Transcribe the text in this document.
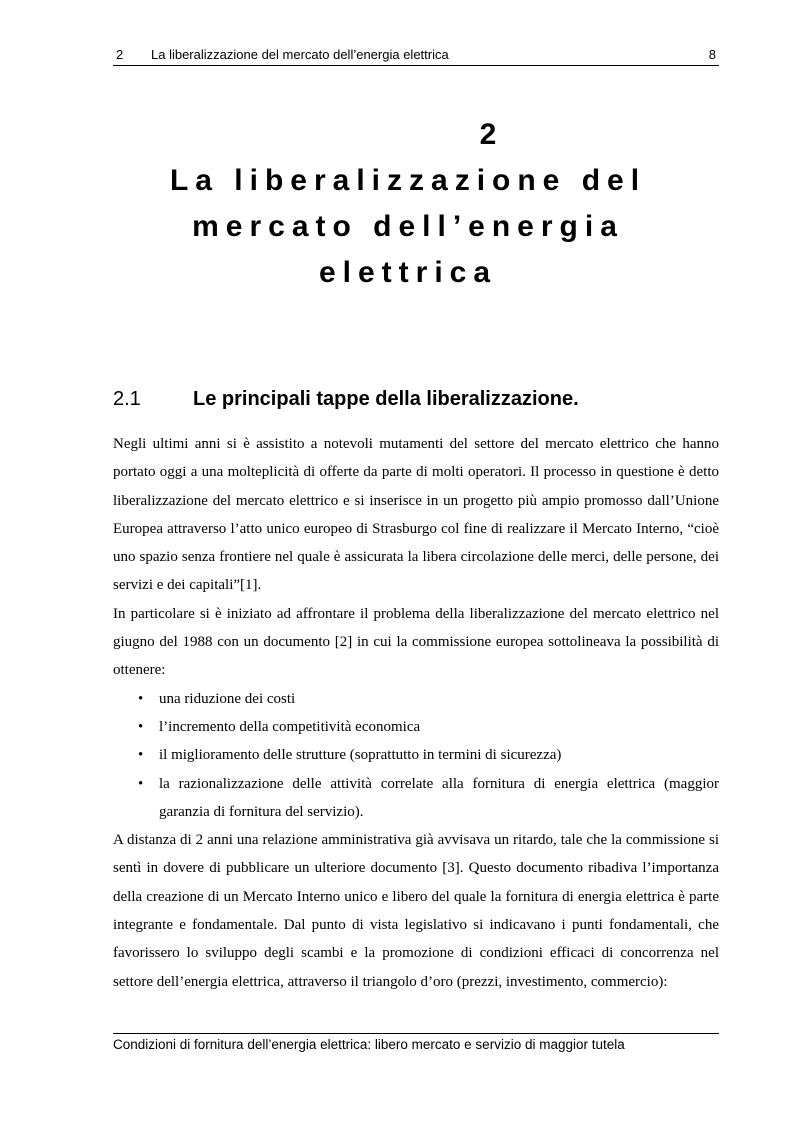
2 La liberalizzazione del mercato dell’energia elettrica	8
2
La liberalizzazione del mercato dell’energia elettrica
2.1	Le principali tappe della liberalizzazione.

Negli ultimi anni si è assistito a notevoli mutamenti del settore del mercato elettrico che hanno portato oggi a una molteplicità di offerte da parte di molti operatori. Il processo in questione è detto liberalizzazione del mercato elettrico e si inserisce in un progetto più ampio promosso dall’Unione Europea attraverso l’atto unico europeo di Strasburgo col fine di realizzare il Mercato Interno, “cioè uno spazio senza frontiere nel quale è assicurata la libera circolazione delle merci, delle persone, dei servizi e dei capitali”[1].

In particolare si è iniziato ad affrontare il problema della liberalizzazione del mercato elettrico nel giugno del 1988 con un documento [2] in cui la commissione europea sottolineava la possibilità di ottenere:

• una riduzione dei costi
• l’incremento della competitività economica
• il miglioramento delle strutture (soprattutto in termini di sicurezza)
• la razionalizzazione delle attività correlate alla fornitura di energia elettrica (maggior garanzia di fornitura del servizio).

A distanza di 2 anni una relazione amministrativa già avvisava un ritardo, tale che la commissione si sentì in dovere di pubblicare un ulteriore documento [3]. Questo documento ribadiva l’importanza della creazione di un Mercato Interno unico e libero del quale la fornitura di energia elettrica è parte integrante e fondamentale. Dal punto di vista legislativo si indicavano i punti fondamentali, che favorissero lo sviluppo degli scambi e la promozione di condizioni efficaci di concorrenza nel settore dell’energia elettrica, attraverso il triangolo d’oro (prezzi, investimento, commercio):

Condizioni di fornitura dell’energia elettrica: libero mercato e servizio di maggior tutela
